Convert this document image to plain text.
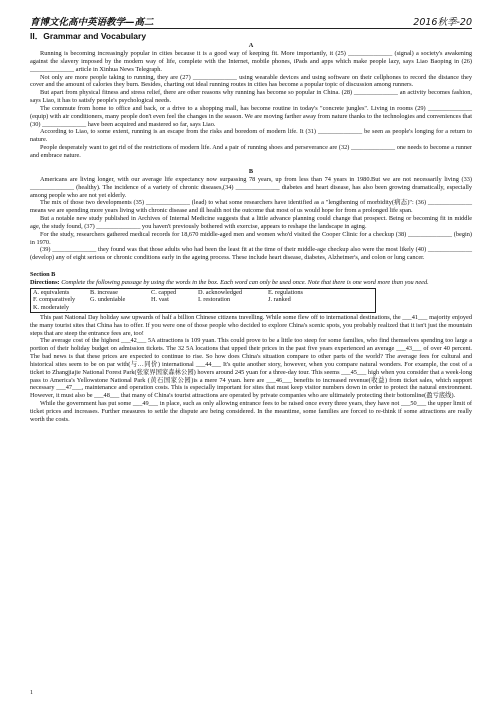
育博文化高中英语教学—高二	2016秋季-20

II．Grammar and Vocabulary

A

Running is becoming increasingly popular in cities because it is a good way of keeping fit. More importantly, it (25) ______________ (signal) a society's awakening against the slavery imposed by the modern way of life, complete with the Internet, mobile phones, iPads and apps which make people lazy, says Liao Baoping in (26) ______________ article in Xinhua News Telegraph.

Not only are more people taking to running, they are (27) ______________ using wearable devices and using software on their cellphones to record the distance they cover and the amount of calories they burn. Besides, charting out ideal running routes in cities has become a popular topic of discussion among runners.

But apart from physical fitness and stress relief, there are other reasons why running has become so popular in China. (28) ______________ an activity becomes fashion, says Liao, it has to satisfy people's psychological needs.

The commute from home to office and back, or a drive to a shopping mall, has become routine in today's "concrete jungles". Living in rooms (29) ______________ (equip) with air conditioners, many people don't even feel the changes in the season. We are moving farther away from nature thanks to the technologies and conveniences that (30) ______________ have been acquired and mastered so far, says Liao.

According to Liao, to some extent, running is an escape from the risks and boredom of modern life. It (31) ______________ be seen as people's longing for a return to nature.

People desperately want to get rid of the restrictions of modern life. And a pair of running shoes and perseverance are (32) ______________ one needs to become a runner and embrace nature.

B

Americans are living longer, with our average life expectancy now surpassing 78 years, up from less than 74 years in 1980.But we are not necessarily living (33) ______________ (healthy). The incidence of a variety of chronic diseases,(34) ______________ diabetes and heart disease, has also been growing dramatically, especially among people who are not yet elderly.

The mix of those two developments (35) ______________ (lead) to what some researchers have identified as a "lengthening of morbidity(病态)": (36) ______________ means we are spending more years living with chronic disease and ill health not the outcome that most of us would hope for from a prolonged life span.

But a notable new study published in Archives of Internal Medicine suggests that a little advance planning could change that prospect. Being or becoming fit in middle age, the study found, (37) ______________ you haven't previously bothered with exercise, appears to reshape the landscape in aging.

For the study, researchers gathered medical records for 18,670 middle-aged men and women who'd visited the Cooper Clinic for a checkup (38) ______________ (begin) in 1970.

(39) ______________ they found was that those adults who had been the least fit at the time of their middle-age checkup also were the most likely (40) ______________ (develop) any of eight serious or chronic conditions early in the ageing process. These include heart disease, diabetes, Alzheimer's, and colon or lung cancer.

Section B

Directions: Complete the following passage by using the words in the box. Each word can only be used once. Note that there is one word more than you need.

A. equivalents	B. increase	C. capped	D. acknowledged	E. regulations
F. comparatively	G. undeniable	H. vast	I. restoration	J. ranked
K. moderately

This past National Day holiday saw upwards of half a billion Chinese citizens travelling. While some flew off to international destinations, the ___41___ majority enjoyed the many tourist sites that China has to offer. If you were one of those people who decided to explore China's scenic spots, you probably realized that it isn't just the mountain steps that are steep the entrance fees are, too!

The average cost of the highest ___42___ 5A attractions is 109 yuan. This could prove to be a little too steep for some families, who find themselves spending too large a portion of their holiday budget on admission tickets. The 32 5A locations that upped their prices in the past five years experienced an average ___43___ of over 40 percent. The bad news is that these prices are expected to continue to rise. So how does China's situation compare to other parts of the world? The average fees for cultural and historical sites seem to be on par with(与…同价) international ___44___ It's quite another story, however, when you compare natural wonders. For example, the cost of a ticket to Zhangjiajie National Forest Park(张家界国家森林公园) hovers around 245 yuan for a three-day tour. This seems ___45___ high when you consider that a week-long pass to America's Yellowstone National Park (黄石国家公园)is a mere 74 yuan. here are ___46___ benefits to increased revenue(收益) from ticket sales, which support necessary ___47___, maintenance and operation costs. This is especially important for sites that must keep visitor numbers down in order to protect the natural environment. However, it must also be ___48___ that many of China's tourist attractions are operated by private companies who are ultimately protecting their bottomline(盈亏底线).

While the government has put some ___49___ in place, such as only allowing entrance fees to be raised once every three years, they have not ___50___ the upper limit of ticket prices and increases. Further measures to settle the dispute are being considered. In the meantime, some families are forced to re-think if some attractions are really worth the costs.

1
